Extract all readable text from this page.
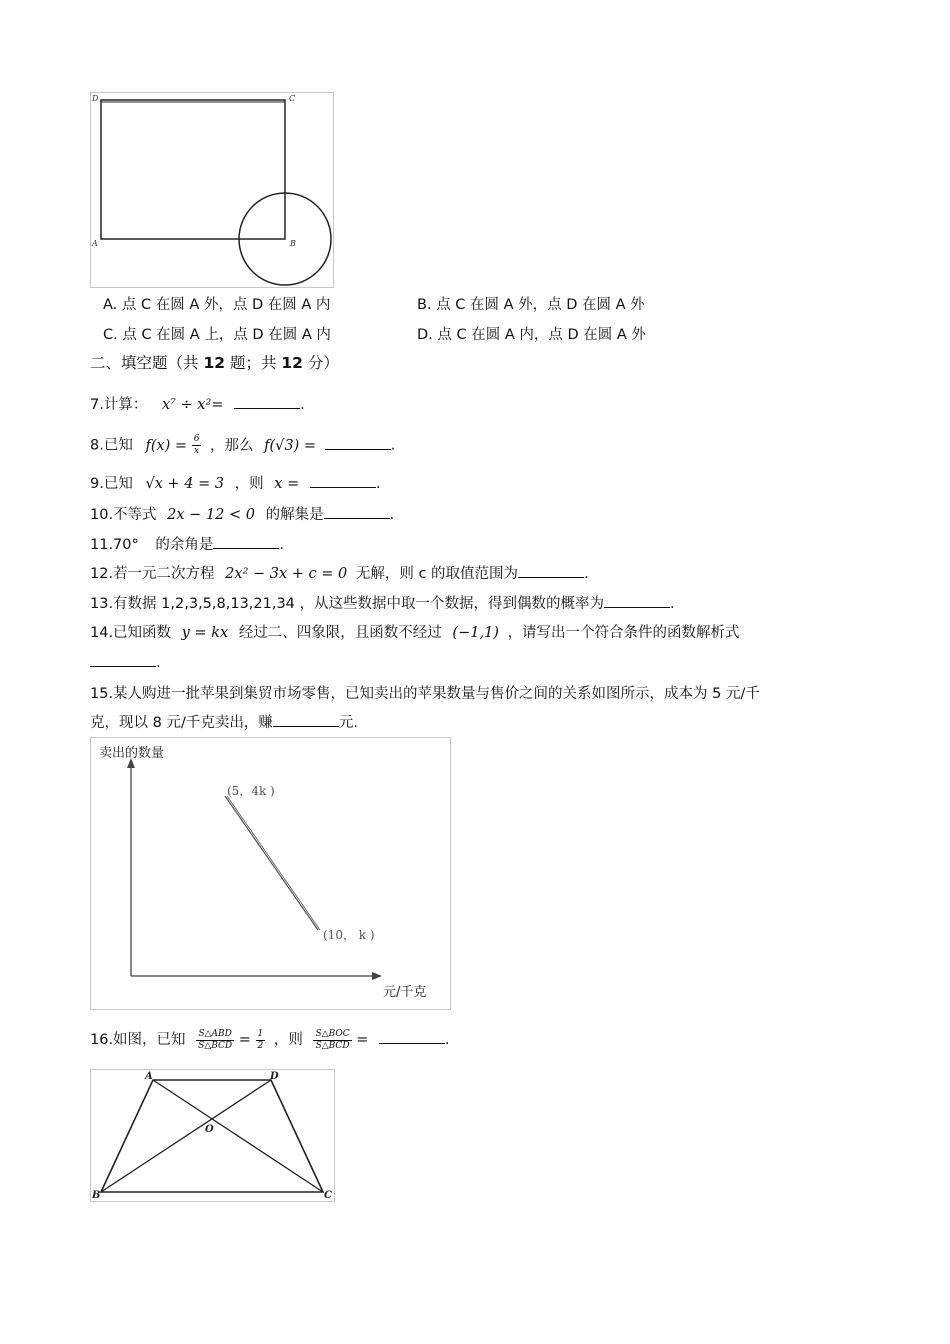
D	C
A	B
A. 点 C 在圆 A 外，点 D 在圆 A 内	B. 点 C 在圆 A 外，点 D 在圆 A 外
C. 点 C 在圆 A 上，点 D 在圆 A 内	D. 点 C 在圆 A 内，点 D 在圆 A 外
二、填空题（共 12 题；共 12 分）
7.计算： x⁷ ÷ x²=	.
8.已知 $f(x) = \frac{6}{x}$ ，那么 f(√3) =	.
9.已知 √x + 4 = 3 ，则 x =	.
10.不等式 2x − 12 < 0 的解集是	.
11.70° 的余角是	.
12.若一元二次方程 2x² − 3x + c = 0 无解，则 c 的取值范围为	.
13.有数据 1,2,3,5,8,13,21,34 ，从这些数据中取一个数据，得到偶数的概率为	.
14.已知函数 y = kx 经过二、四象限，且函数不经过 (−1,1) ，请写出一个符合条件的函数解析式
.
15.某人购进一批苹果到集贸市场零售，已知卖出的苹果数量与售价之间的关系如图所示，成本为 5 元/千
克，现以 8 元/千克卖出，赚	元.
卖出的数量
元/千克
(5，4k )
(10， k )
16.如图，已知 $\frac{\text{S△ABD}}{\text{S△BCD}} = \frac{1}{2}$ ，则 $\frac{\text{S△BOC}}{\text{S△BCD}}$ =	.
A	D
O
B	C
